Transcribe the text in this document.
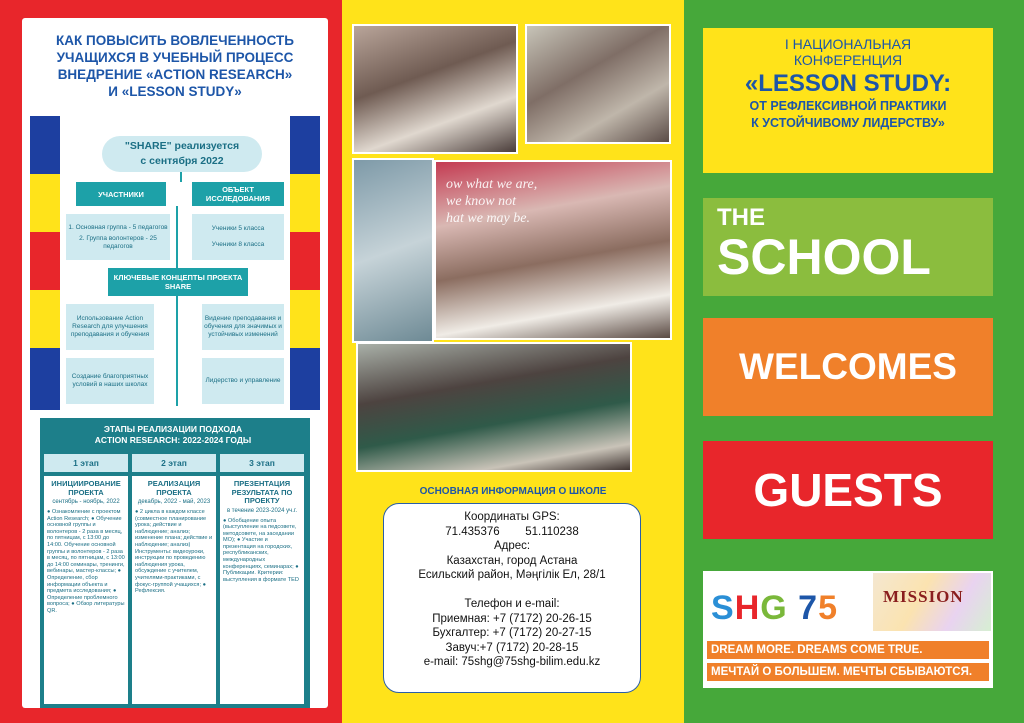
КАК ПОВЫСИТЬ ВОВЛЕЧЕННОСТЬ
УЧАЩИХСЯ В УЧЕБНЫЙ ПРОЦЕСС
ВНЕДРЕНИЕ «ACTION RESEARCH»
И «LESSON STUDY»
"SHARE" реализуется
с сентября 2022
УЧАСТНИКИ	ОБЪЕКТ ИССЛЕДОВАНИЯ
1. Основная группа - 5 педагогов
2. Группа волонтеров - 25 педагогов
Ученики 5 класса
Ученики 8 класса
КЛЮЧЕВЫЕ КОНЦЕПТЫ ПРОЕКТА SHARE
Использование Action Research для улучшения преподавания и обучения
Видение преподавания и обучения для значимых и устойчивых изменений
Создание благоприятных условий в наших школах
Лидерство и управление
ЭТАПЫ РЕАЛИЗАЦИИ ПОДХОДА
ACTION RESEARCH: 2022-2024 ГОДЫ
1 этап	2 этап	3 этап
ИНИЦИИРОВАНИЕ ПРОЕКТА
сентябрь - ноябрь, 2022
● Ознакомление с проектом Action Research; ● Обучение основной группы и волонтеров - 2 раза в месяц, по пятницам, с 13:00 до 14:00. Обучение основной группы и волонтеров - 2 раза в месяц, по пятницам, с 13:00 до 14:00 семинары, тренинги, вебинары, мастер-классы; ● Определение, сбор информации объекта и предмета исследования; ● Определение проблемного вопроса; ● Обзор литературы QR.
РЕАЛИЗАЦИЯ ПРОЕКТА
декабрь, 2022 - май, 2023
● 2 цикла в каждом классе (совместное планирование урока; действие и наблюдение; анализ; изменение плана; действие и наблюдение; анализ) Инструменты: видеоуроки, инструкции по проведению наблюдения урока, обсуждение с учителем, учителями-практиками, с фокус-группой учащихся; ● Рефлексия.
ПРЕЗЕНТАЦИЯ РЕЗУЛЬТАТА ПО ПРОЕКТУ
в течение 2023-2024 уч.г.
● Обобщение опыта (выступление на педсовете, методсовете, на заседании МО); ● Участие и презентация на городских, республиканских, международных конференциях, семинарах; ● Публикации. Критерии: выступления в формате TED
ow what we are,
we know not
hat we may be.
ОСНОВНАЯ ИНФОРМАЦИЯ О ШКОЛЕ
Координаты GPS:
71.435376        51.110238
Адрес:
Казахстан, город Астана
Есильский район, Мәңгілік Ел, 28/1
Телефон и e-mail:
Приемная: +7 (7172) 20-26-15
Бухгалтер: +7 (7172) 20-27-15
Завуч:+7 (7172) 20-28-15
e-mail: 75shg@75shg-bilim.edu.kz
I НАЦИОНАЛЬНАЯ
КОНФЕРЕНЦИЯ
«LESSON STUDY:
ОТ РЕФЛЕКСИВНОЙ ПРАКТИКИ
К УСТОЙЧИВОМУ ЛИДЕРСТВУ»
THE
SCHOOL
WELCOMES
GUESTS
SHG 75	MISSION
DREAM MORE. DREAMS COME TRUE.
МЕЧТАЙ О БОЛЬШЕМ. МЕЧТЫ СБЫВАЮТСЯ.
